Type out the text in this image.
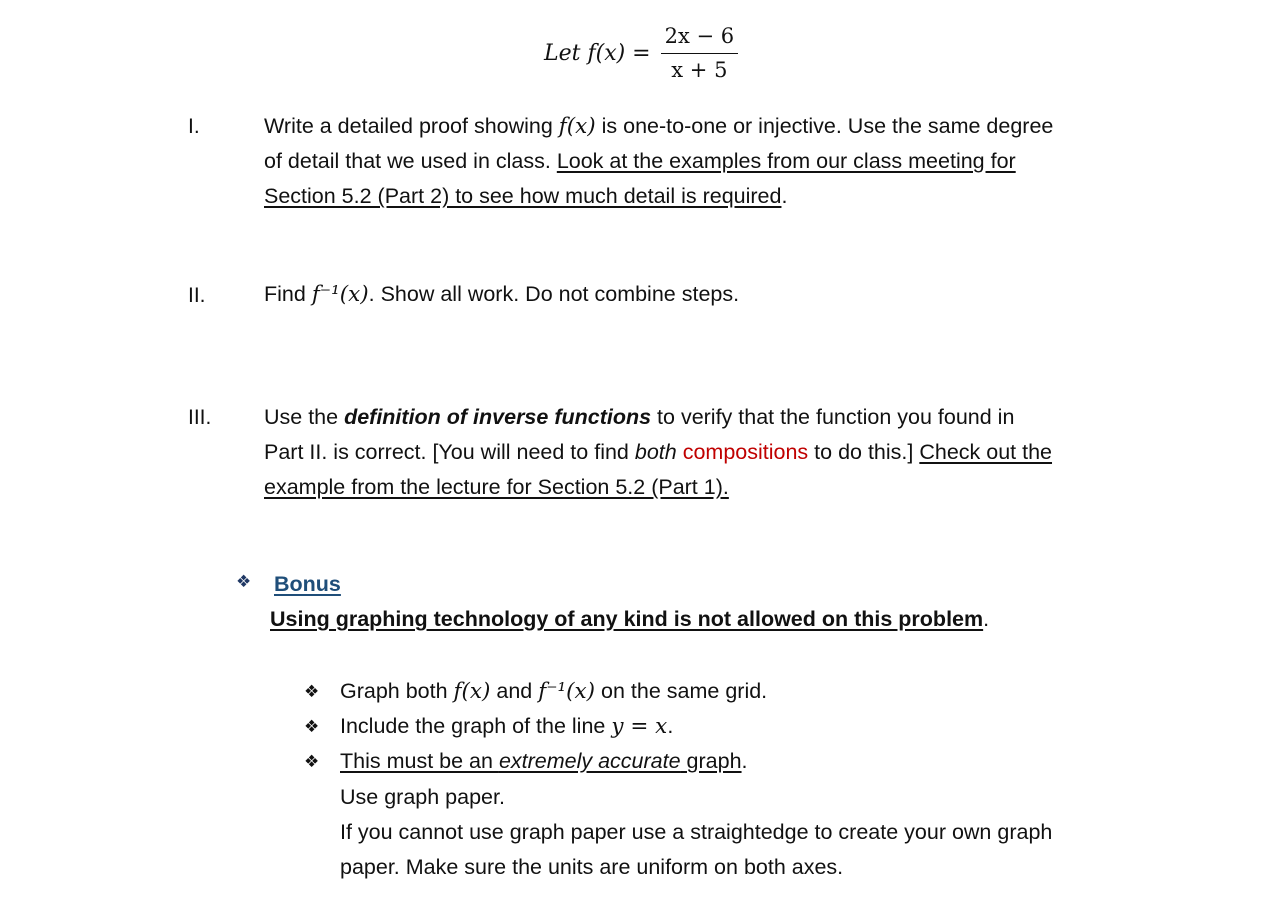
Let $f(x) = \frac{2x - 6}{x + 5}$
I.	Write a detailed proof showing f(x) is one-to-one or injective. Use the same degree
of detail that we used in class. Look at the examples from our class meeting for
Section 5.2 (Part 2) to see how much detail is required.
II.	Find f⁻¹(x). Show all work. Do not combine steps.
III. Use the definition of inverse functions to verify that the function you found in
Part II. is correct. [You will need to find both compositions to do this.] Check out the
example from the lecture for Section 5.2 (Part 1).
❖ Bonus
Using graphing technology of any kind is not allowed on this problem.
❖ Graph both f(x) and f⁻¹(x) on the same grid.
❖ Include the graph of the line y = x.
❖ This must be an extremely accurate graph.
Use graph paper.
If you cannot use graph paper use a straightedge to create your own graph
paper. Make sure the units are uniform on both axes.
